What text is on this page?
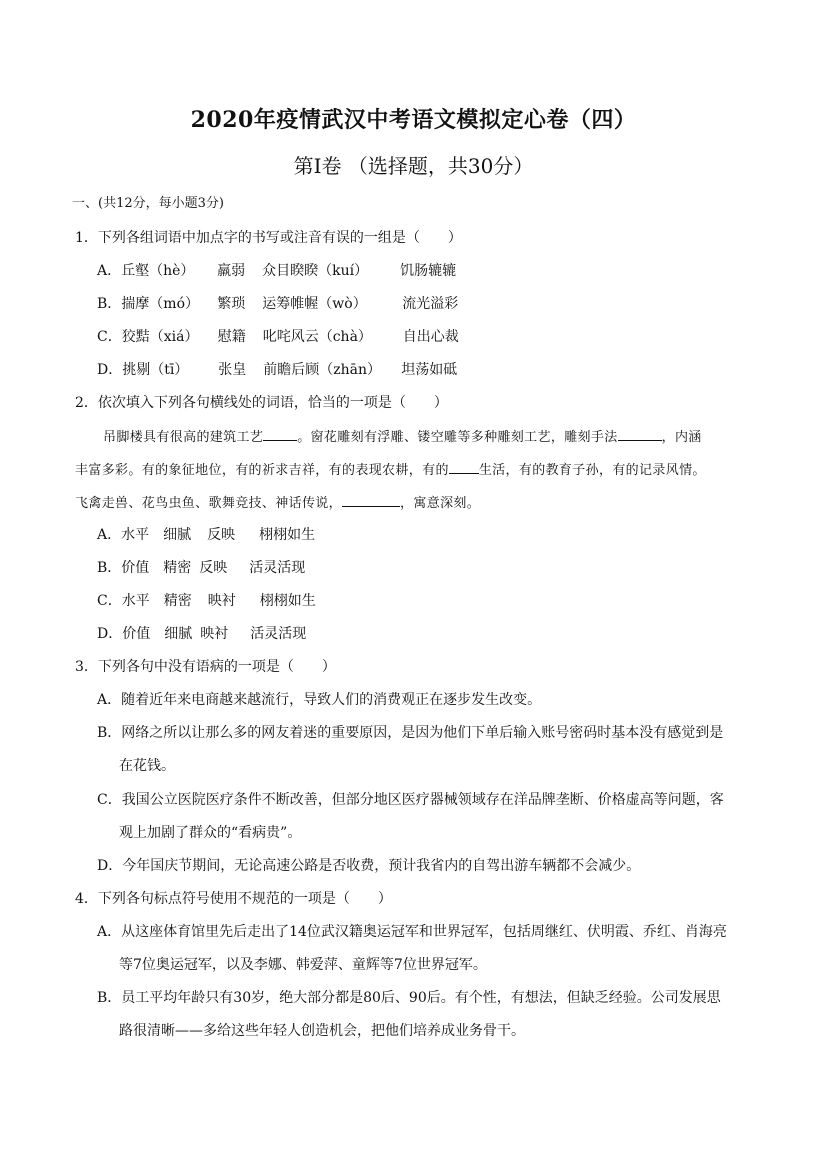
2020年疫情武汉中考语文模拟定心卷（四）
第Ⅰ卷 （选择题，共30分）
一、(共12分，每小题3分)
1．下列各组词语中加点字的书写或注音有误的一组是（　　）
A．丘壑（hè） 羸弱 众目睽睽（kuí） 饥肠辘辘
B．揣摩（mó） 繁琐 运筹帷幄（wò）	流光溢彩
C．狡黠（xiá） 慰籍 叱咤风云（chà） 自出心裁
D．挑剔（tī） 张皇 前瞻后顾（zhān） 坦荡如砥
2．依次填入下列各句横线处的词语，恰当的一项是（　　）
吊脚楼具有很高的建筑工艺	。窗花雕刻有浮雕、镂空雕等多种雕刻工艺，雕刻手法	，内涵
丰富多彩。有的象征地位，有的祈求吉祥，有的表现农耕，有的 生活，有的教育子孙，有的记录风情。
飞禽走兽、花鸟虫鱼、歌舞竞技、神话传说，	，寓意深刻。
A．水平 细腻 反映 栩栩如生
B．价值 精密 反映 活灵活现
C．水平 精密 映衬 栩栩如生
D．价值 细腻 映衬 活灵活现
3．下列各句中没有语病的一项是（　　）
A．随着近年来电商越来越流行，导致人们的消费观正在逐步发生改变。
B．网络之所以让那么多的网友着迷的重要原因，是因为他们下单后输入账号密码时基本没有感觉到是
在花钱。
C．我国公立医院医疗条件不断改善，但部分地区医疗器械领域存在洋品牌垄断、价格虚高等问题，客
观上加剧了群众的“看病贵”。
D．今年国庆节期间，无论高速公路是否收费，预计我省内的自驾出游车辆都不会减少。
4．下列各句标点符号使用不规范的一项是（　　）
A．从这座体育馆里先后走出了14位武汉籍奥运冠军和世界冠军，包括周继红、伏明霞、乔红、肖海亮
等7位奥运冠军，以及李娜、韩爱萍、童辉等7位世界冠军。
B．员工平均年龄只有30岁，绝大部分都是80后、90后。有个性，有想法，但缺乏经验。公司发展思
路很清晰——多给这些年轻人创造机会，把他们培养成业务骨干。
